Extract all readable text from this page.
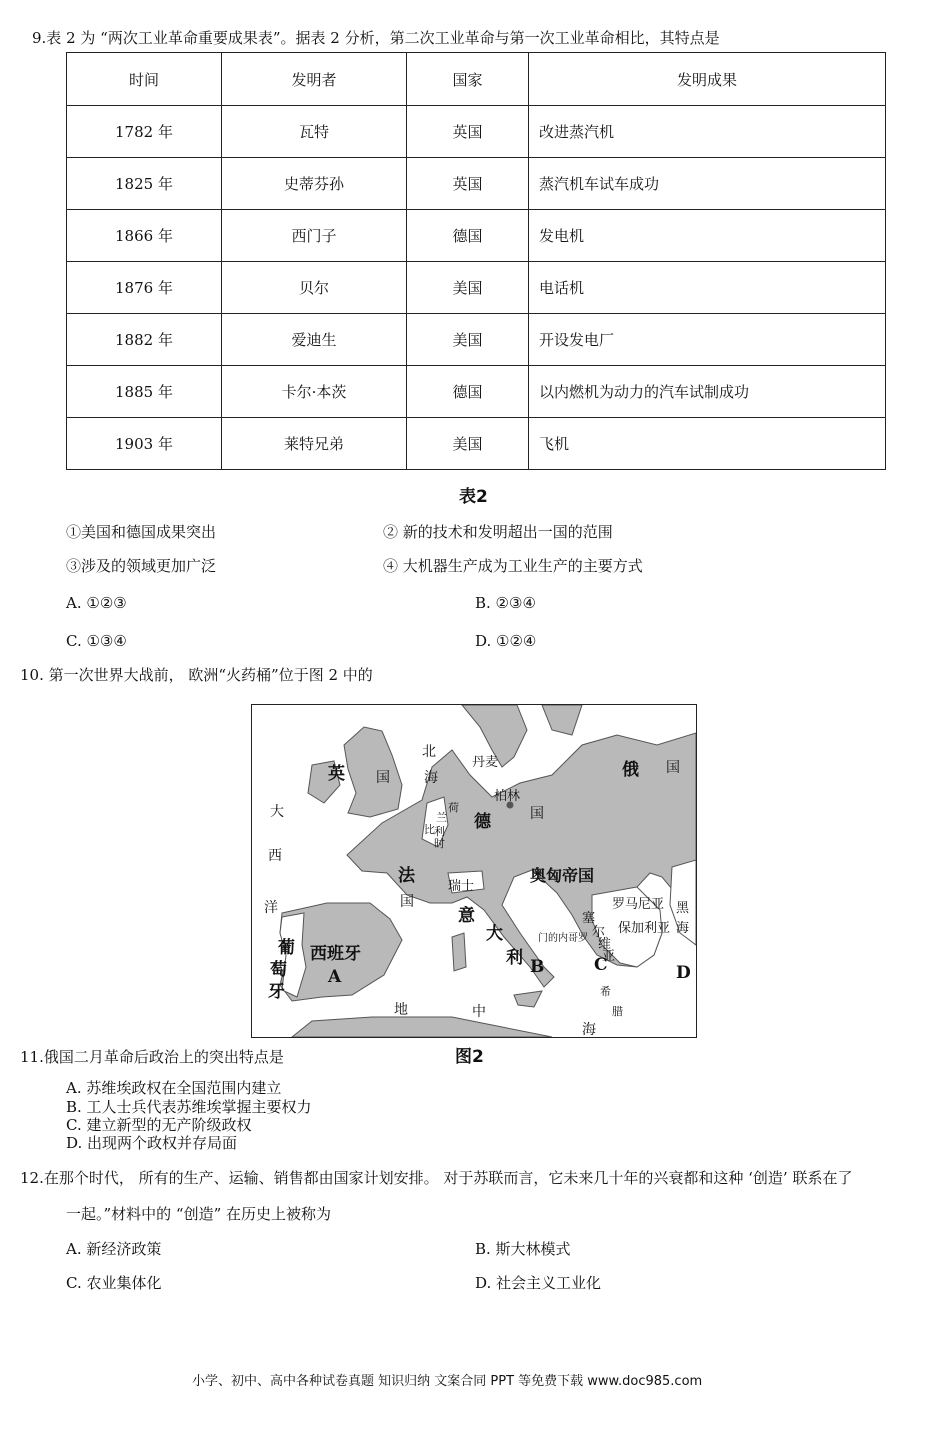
9.表 2 为 “两次工业革命重要成果表”。据表 2 分析，第二次工业革命与第一次工业革命相比，其特点是
时间	发明者	国家	发明成果
1782 年	瓦特	英国	改进蒸汽机
1825 年	史蒂芬孙	英国	蒸汽机车试车成功
1866 年	西门子	德国	发电机
1876 年	贝尔	美国	电话机
1882 年	爱迪生	美国	开设发电厂
1885 年	卡尔·本茨	德国	以内燃机为动力的汽车试制成功
1903 年	莱特兄弟	美国	飞机
表2
①美国和德国成果突出	② 新的技术和发明超出一国的范围
③涉及的领域更加广泛	④ 大机器生产成为工业生产的主要方式
A. ①②③	B. ②③④
C. ①③④	D. ①②④
10. 第一次世界大战前， 欧洲“火药桶”位于图 2 中的
北
海
丹麦
英 国	俄 国
大
西
洋
荷
兰
比 利
时
柏林
德	国
法
国
瑞士
奥匈帝国
罗马尼亚 黑
海
意
大
利
塞
尔
维
亚
门的内哥罗
保加利亚
葡
萄
牙
西班牙
希
腊
地	中
海
A	B	C	D
图2
11.俄国二月革命后政治上的突出特点是
A. 苏维埃政权在全国范围内建立
B. 工人士兵代表苏维埃掌握主要权力
C. 建立新型的无产阶级政权
D. 出现两个政权并存局面
12.在那个时代， 所有的生产、运输、销售都由国家计划安排。 对于苏联而言，它未来几十年的兴衰都和这种 ‘创造’ 联系在了
一起。”材料中的 “创造” 在历史上被称为
A. 新经济政策	B. 斯大林模式
C. 农业集体化	D. 社会主义工业化
小学、初中、高中各种试卷真题 知识归纳 文案合同 PPT 等免费下载 www.doc985.com
